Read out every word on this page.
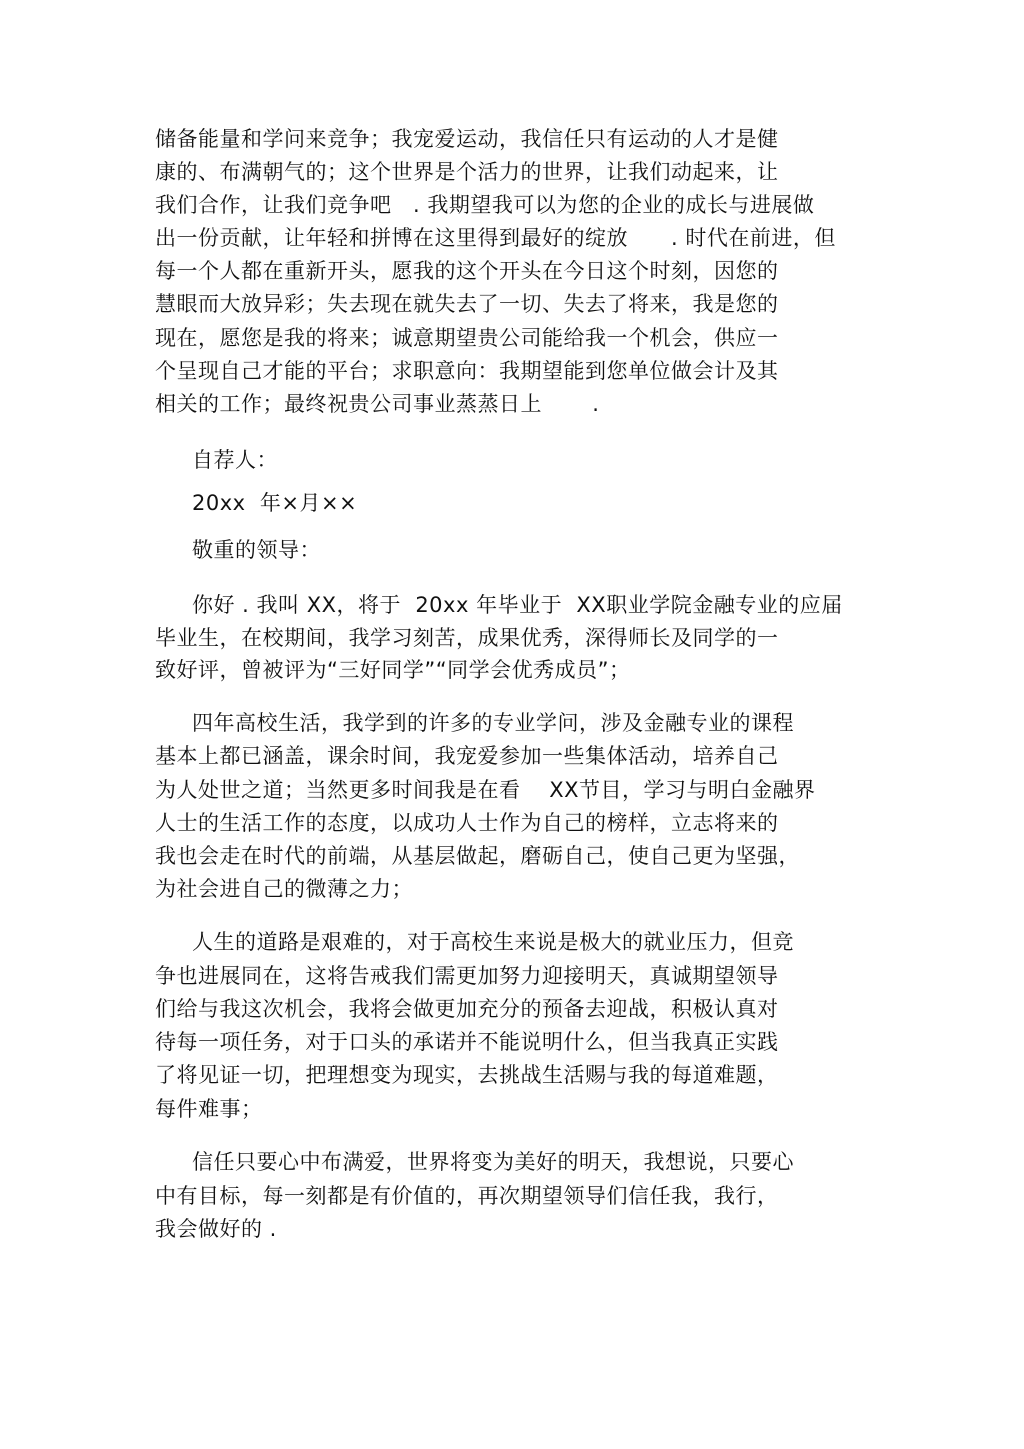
储备能量和学问来竞争；我宠爱运动，我信任只有运动的人才是健
康的、布满朝气的；这个世界是个活力的世界，让我们动起来，让
我们合作，让我们竞争吧   . 我期望我可以为您的企业的成长与进展做
出一份贡献，让年轻和拼博在这里得到最好的绽放      . 时代在前进，但
每一个人都在重新开头，愿我的这个开头在今日这个时刻，因您的
慧眼而大放异彩；失去现在就失去了一切、失去了将来，我是您的
现在，愿您是我的将来；诚意期望贵公司能给我一个机会，供应一
个呈现自己才能的平台；求职意向：我期望能到您单位做会计及其
相关的工作；最终祝贵公司事业蒸蒸日上       .
自荐人：
20xx  年×月××
敬重的领导：
你好 . 我叫 XX，将于  20xx 年毕业于  XX职业学院金融专业的应届
毕业生，在校期间，我学习刻苦，成果优秀，深得师长及同学的一
致好评，曾被评为“三好同学”“同学会优秀成员”；
四年高校生活，我学到的许多的专业学问，涉及金融专业的课程
基本上都已涵盖，课余时间，我宠爱参加一些集体活动，培养自己
为人处世之道；当然更多时间我是在看    XX节目，学习与明白金融界
人士的生活工作的态度，以成功人士作为自己的榜样，立志将来的
我也会走在时代的前端，从基层做起，磨砺自己，使自己更为坚强，
为社会进自己的微薄之力；
人生的道路是艰难的，对于高校生来说是极大的就业压力，但竞
争也进展同在，这将告戒我们需更加努力迎接明天，真诚期望领导
们给与我这次机会，我将会做更加充分的预备去迎战，积极认真对
待每一项任务，对于口头的承诺并不能说明什么，但当我真正实践
了将见证一切，把理想变为现实，去挑战生活赐与我的每道难题，
每件难事；
信任只要心中布满爱，世界将变为美好的明天，我想说，只要心
中有目标，每一刻都是有价值的，再次期望领导们信任我，我行，
我会做好的 .
